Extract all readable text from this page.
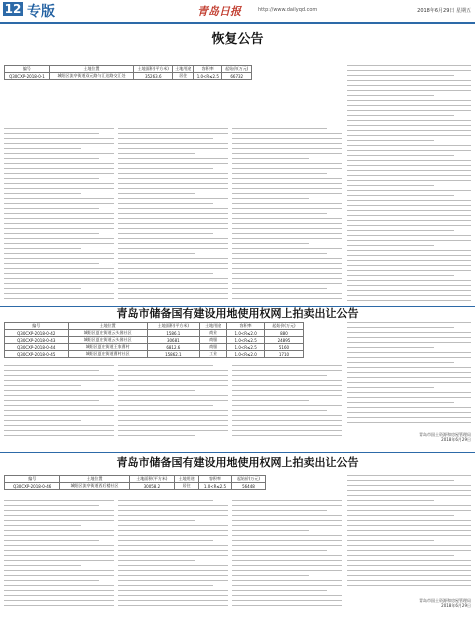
12 专版	青岛日报	http://www.dailyqd.com	2018年6月29日 星期五
恢复公告
编号	土地位置	土地面积(平方米)	土地用途	容积率	起始价(万元)
Q30CXP-2018-0-1	城阳区流亭街道双元路与汇达路交汇处	35263.6	居住	1.0<R≤2.5	66732
青岛市储备国有建设用地使用权网上拍卖出让公告
编号	土地位置	土地面积(平方米)	土地用途	容积率	起始价(万元)
Q30CXP-2018-0-42	城阳区夏庄街道云头崮社区	1586.1	商业	1.0<R≤2.0	880
Q30CXP-2018-0-43	城阳区夏庄街道云头崮社区	30681	商服	1.0<R≤2.5	24895
Q30CXP-2018-0-44	城阳区夏庄街道王家曹村	6812.6	商服	1.0<R≤2.5	5160
Q30CXP-2018-0-45	城阳区夏庄街道曹村社区	15862.1	工业	1.0<R≤2.0	1710
青岛市国土资源和房屋管理局
2018年6月29日
青岛市储备国有建设用地使用权网上拍卖出让公告
编号	土地位置	土地面积(平方米)	土地用途	容积率	起始价(万元)
Q30CXP-2018-0-46	城阳区流亭街道西后楼社区	30058.2	居住	1.0<R≤2.5	56448
青岛市国土资源和房屋管理局
2018年6月29日
